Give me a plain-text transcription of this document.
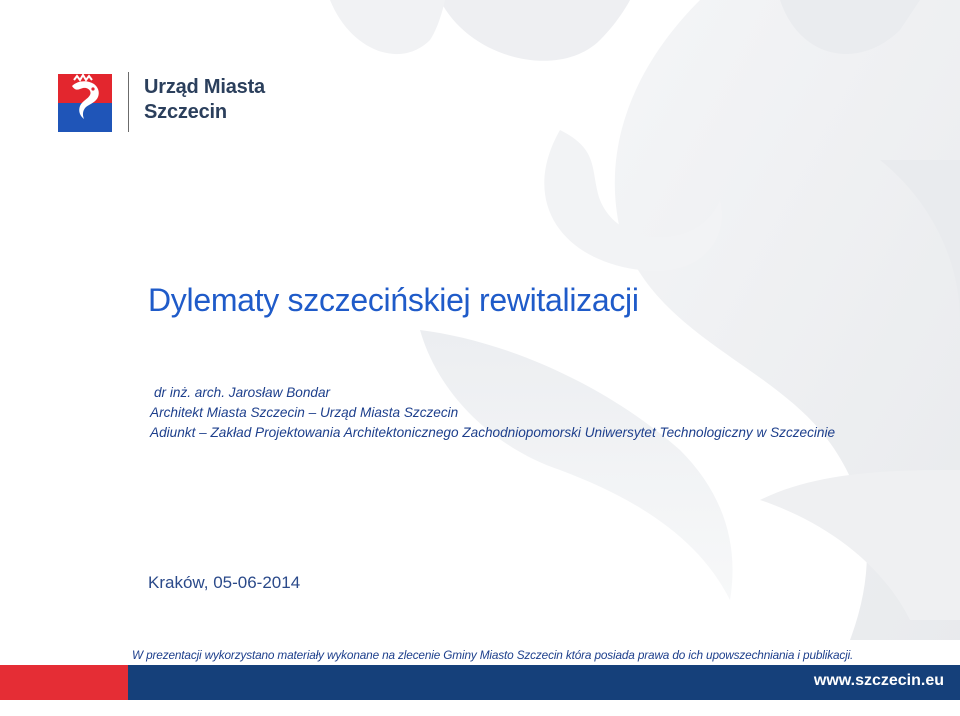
Urząd Miasta
Szczecin
Dylematy szczecińskiej rewitalizacji
dr inż. arch. Jarosław Bondar
Architekt Miasta Szczecin – Urząd Miasta Szczecin
Adiunkt – Zakład Projektowania Architektonicznego Zachodniopomorski Uniwersytet Technologiczny w Szczecinie
Kraków, 05-06-2014
W prezentacji wykorzystano materiały wykonane na zlecenie Gminy Miasto Szczecin która posiada prawa do ich upowszechniania i publikacji.
www.szczecin.eu
